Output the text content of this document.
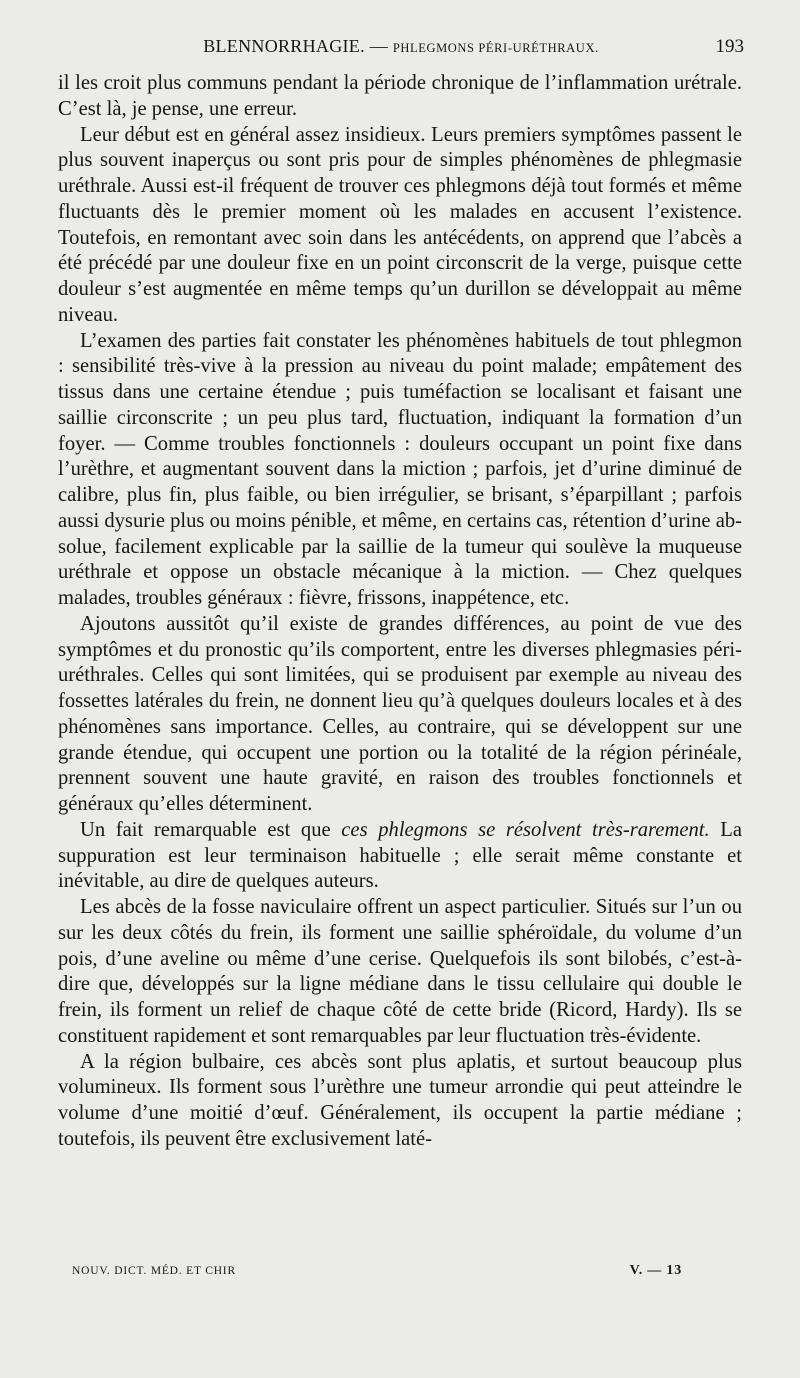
BLENNORRHAGIE. — PHLEGMONS PÉRI-URÉTHRAUX.	193

il les croit plus communs pendant la période chronique de l’inflammation urétrale. C’est là, je pense, une erreur.

Leur début est en général assez insidieux. Leurs premiers symptômes passent le plus souvent inaperçus ou sont pris pour de simples phénomènes de phlegmasie uréthrale. Aussi est-il fréquent de trouver ces phlegmons déjà tout formés et même fluctuants dès le premier moment où les malades en accusent l’existence. Toutefois, en remontant avec soin dans les antécédents, on apprend que l’abcès a été précédé par une douleur fixe en un point circonscrit de la verge, puisque cette douleur s’est augmentée en même temps qu’un durillon se développait au même niveau.

L’examen des parties fait constater les phénomènes habituels de tout phlegmon : sensibilité très-vive à la pression au niveau du point malade; empâtement des tissus dans une certaine étendue ; puis tuméfaction se localisant et faisant une saillie circonscrite ; un peu plus tard, fluctuation, indiquant la formation d’un foyer. — Comme troubles fonctionnels : douleurs occupant un point fixe dans l’urèthre, et augmentant souvent dans la miction ; parfois, jet d’urine diminué de calibre, plus fin, plus faible, ou bien irrégulier, se brisant, s’éparpillant ; parfois aussi dysurie plus ou moins pénible, et même, en certains cas, rétention d’urine absolue, facilement explicable par la saillie de la tumeur qui soulève la muqueuse uréthrale et oppose un obstacle mécanique à la miction. — Chez quelques malades, troubles généraux : fièvre, frissons, inappétence, etc.

Ajoutons aussitôt qu’il existe de grandes différences, au point de vue des symptômes et du pronostic qu’ils comportent, entre les diverses phlegmasies péri-uréthrales. Celles qui sont limitées, qui se produisent par exemple au niveau des fossettes latérales du frein, ne donnent lieu qu’à quelques douleurs locales et à des phénomènes sans importance. Celles, au contraire, qui se développent sur une grande étendue, qui occupent une portion ou la totalité de la région périnéale, prennent souvent une haute gravité, en raison des troubles fonctionnels et généraux qu’elles déterminent.

Un fait remarquable est que ces phlegmons se résolvent très-rarement. La suppuration est leur terminaison habituelle ; elle serait même constante et inévitable, au dire de quelques auteurs.

Les abcès de la fosse naviculaire offrent un aspect particulier. Situés sur l’un ou sur les deux côtés du frein, ils forment une saillie sphéroïdale, du volume d’un pois, d’une aveline ou même d’une cerise. Quelquefois ils sont bilobés, c’est-à-dire que, développés sur la ligne médiane dans le tissu cellulaire qui double le frein, ils forment un relief de chaque côté de cette bride (Ricord, Hardy). Ils se constituent rapidement et sont remarquables par leur fluctuation très-évidente.

A la région bulbaire, ces abcès sont plus aplatis, et surtout beaucoup plus volumineux. Ils forment sous l’urèthre une tumeur arrondie qui peut atteindre le volume d’une moitié d’œuf. Généralement, ils occupent la partie médiane ; toutefois, ils peuvent être exclusivement laté-

NOUV. DICT. MÉD. ET CHIR	V. — 13
